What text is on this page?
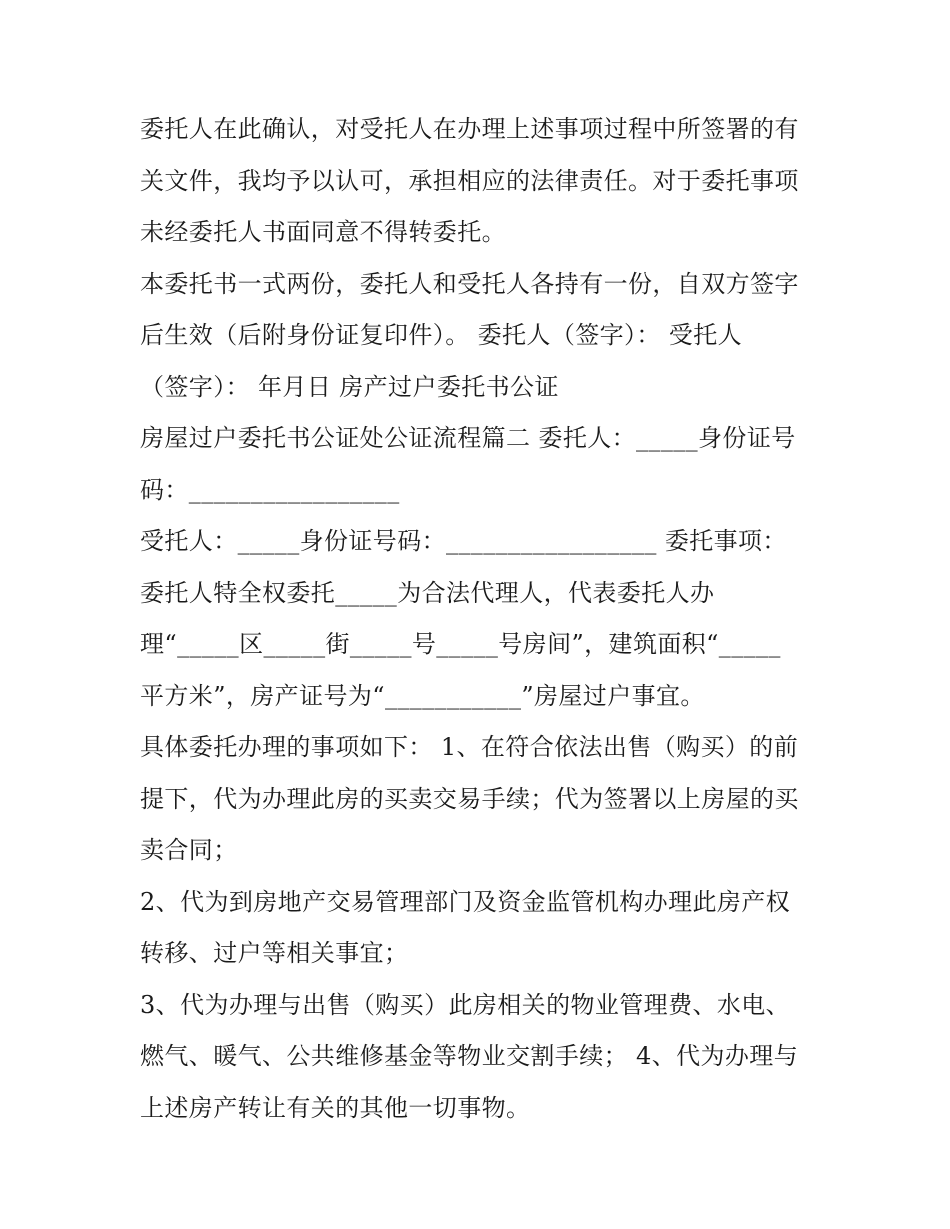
委托人在此确认，对受托人在办理上述事项过程中所签署的有
关文件，我均予以认可，承担相应的法律责任。对于委托事项
未经委托人书面同意不得转委托。
本委托书一式两份，委托人和受托人各持有一份，自双方签字
后生效（后附身份证复印件）。 委托人（签字）： 受托人
（签字）： 年月日 房产过户委托书公证
房屋过户委托书公证处公证流程篇二 委托人：_____身份证号
码：_________________
受托人：_____身份证号码：_________________ 委托事项：
委托人特全权委托_____为合法代理人，代表委托人办
理“_____区_____街_____号_____号房间”，建筑面积“_____
平方米”，房产证号为“___________”房屋过户事宜。
具体委托办理的事项如下： 1、在符合依法出售（购买）的前
提下，代为办理此房的买卖交易手续；代为签署以上房屋的买
卖合同；
2、代为到房地产交易管理部门及资金监管机构办理此房产权
转移、过户等相关事宜；
3、代为办理与出售（购买）此房相关的物业管理费、水电、
燃气、暖气、公共维修基金等物业交割手续； 4、代为办理与
上述房产转让有关的其他一切事物。
